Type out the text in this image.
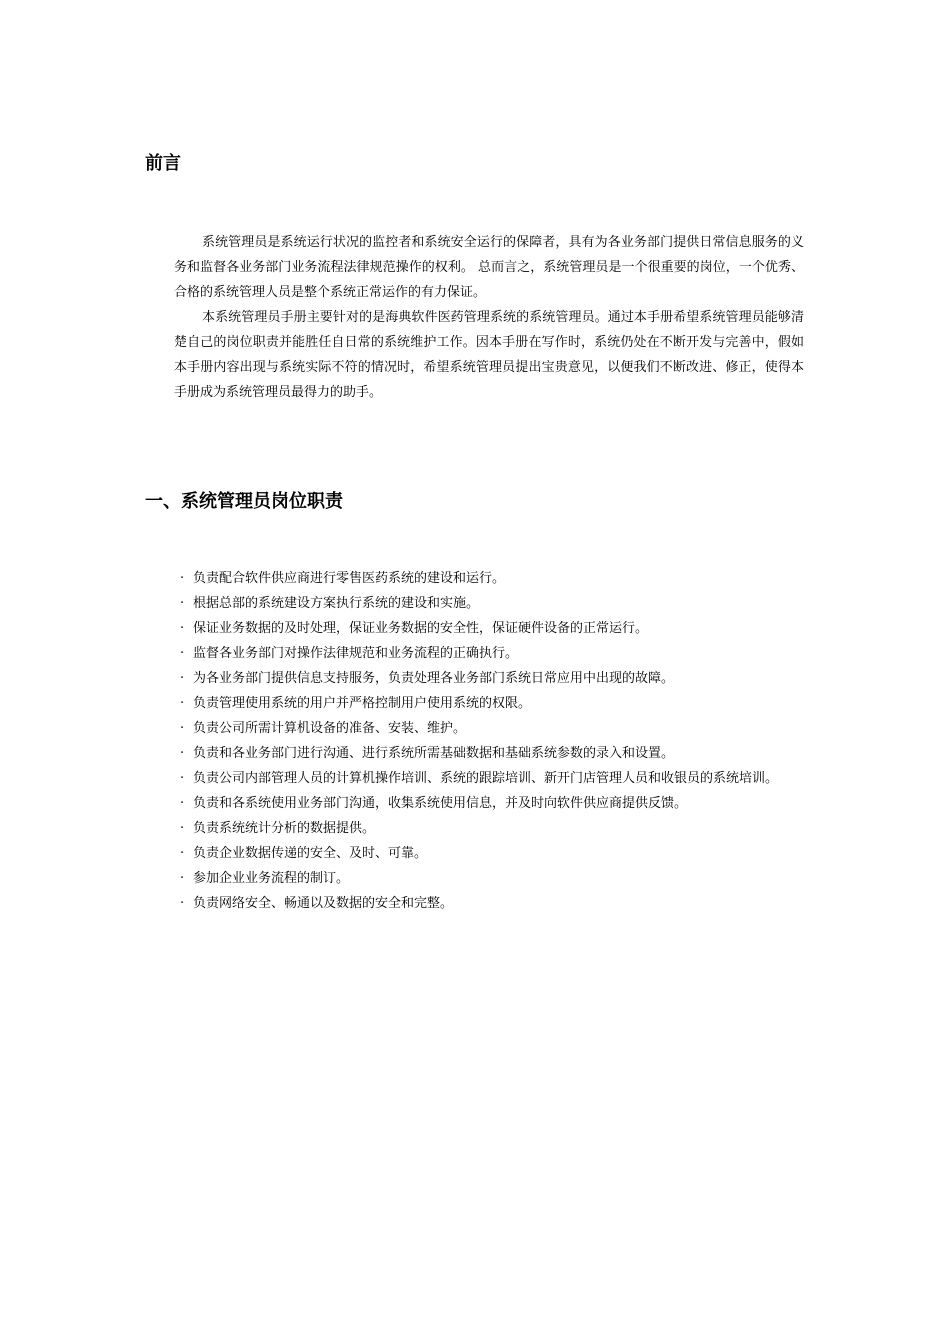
前言

系统管理员是系统运行状况的监控者和系统安全运行的保障者，具有为各业务部门提供日常信息服务的义务和监督各业务部门业务流程法律规范操作的权利。 总而言之，系统管理员是一个很重要的岗位，一个优秀、合格的系统管理人员是整个系统正常运作的有力保证。

本系统管理员手册主要针对的是海典软件医药管理系统的系统管理员。通过本手册希望系统管理员能够清楚自己的岗位职责并能胜任自日常的系统维护工作。因本手册在写作时，系统仍处在不断开发与完善中，假如本手册内容出现与系统实际不符的情况时，希望系统管理员提出宝贵意见，以便我们不断改进、修正，使得本手册成为系统管理员最得力的助手。

一、系统管理员岗位职责
· 负责配合软件供应商进行零售医药系统的建设和运行。
· 根据总部的系统建设方案执行系统的建设和实施。
· 保证业务数据的及时处理，保证业务数据的安全性，保证硬件设备的正常运行。
· 监督各业务部门对操作法律规范和业务流程的正确执行。
· 为各业务部门提供信息支持服务，负责处理各业务部门系统日常应用中出现的故障。
· 负责管理使用系统的用户并严格控制用户使用系统的权限。
· 负责公司所需计算机设备的准备、安装、维护。
· 负责和各业务部门进行沟通、进行系统所需基础数据和基础系统参数的录入和设置。
· 负责公司内部管理人员的计算机操作培训、系统的跟踪培训、新开门店管理人员和收银员的系统培训。
· 负责和各系统使用业务部门沟通，收集系统使用信息，并及时向软件供应商提供反馈。
· 负责系统统计分析的数据提供。
· 负责企业数据传递的安全、及时、可靠。
· 参加企业业务流程的制订。
· 负责网络安全、畅通以及数据的安全和完整。
